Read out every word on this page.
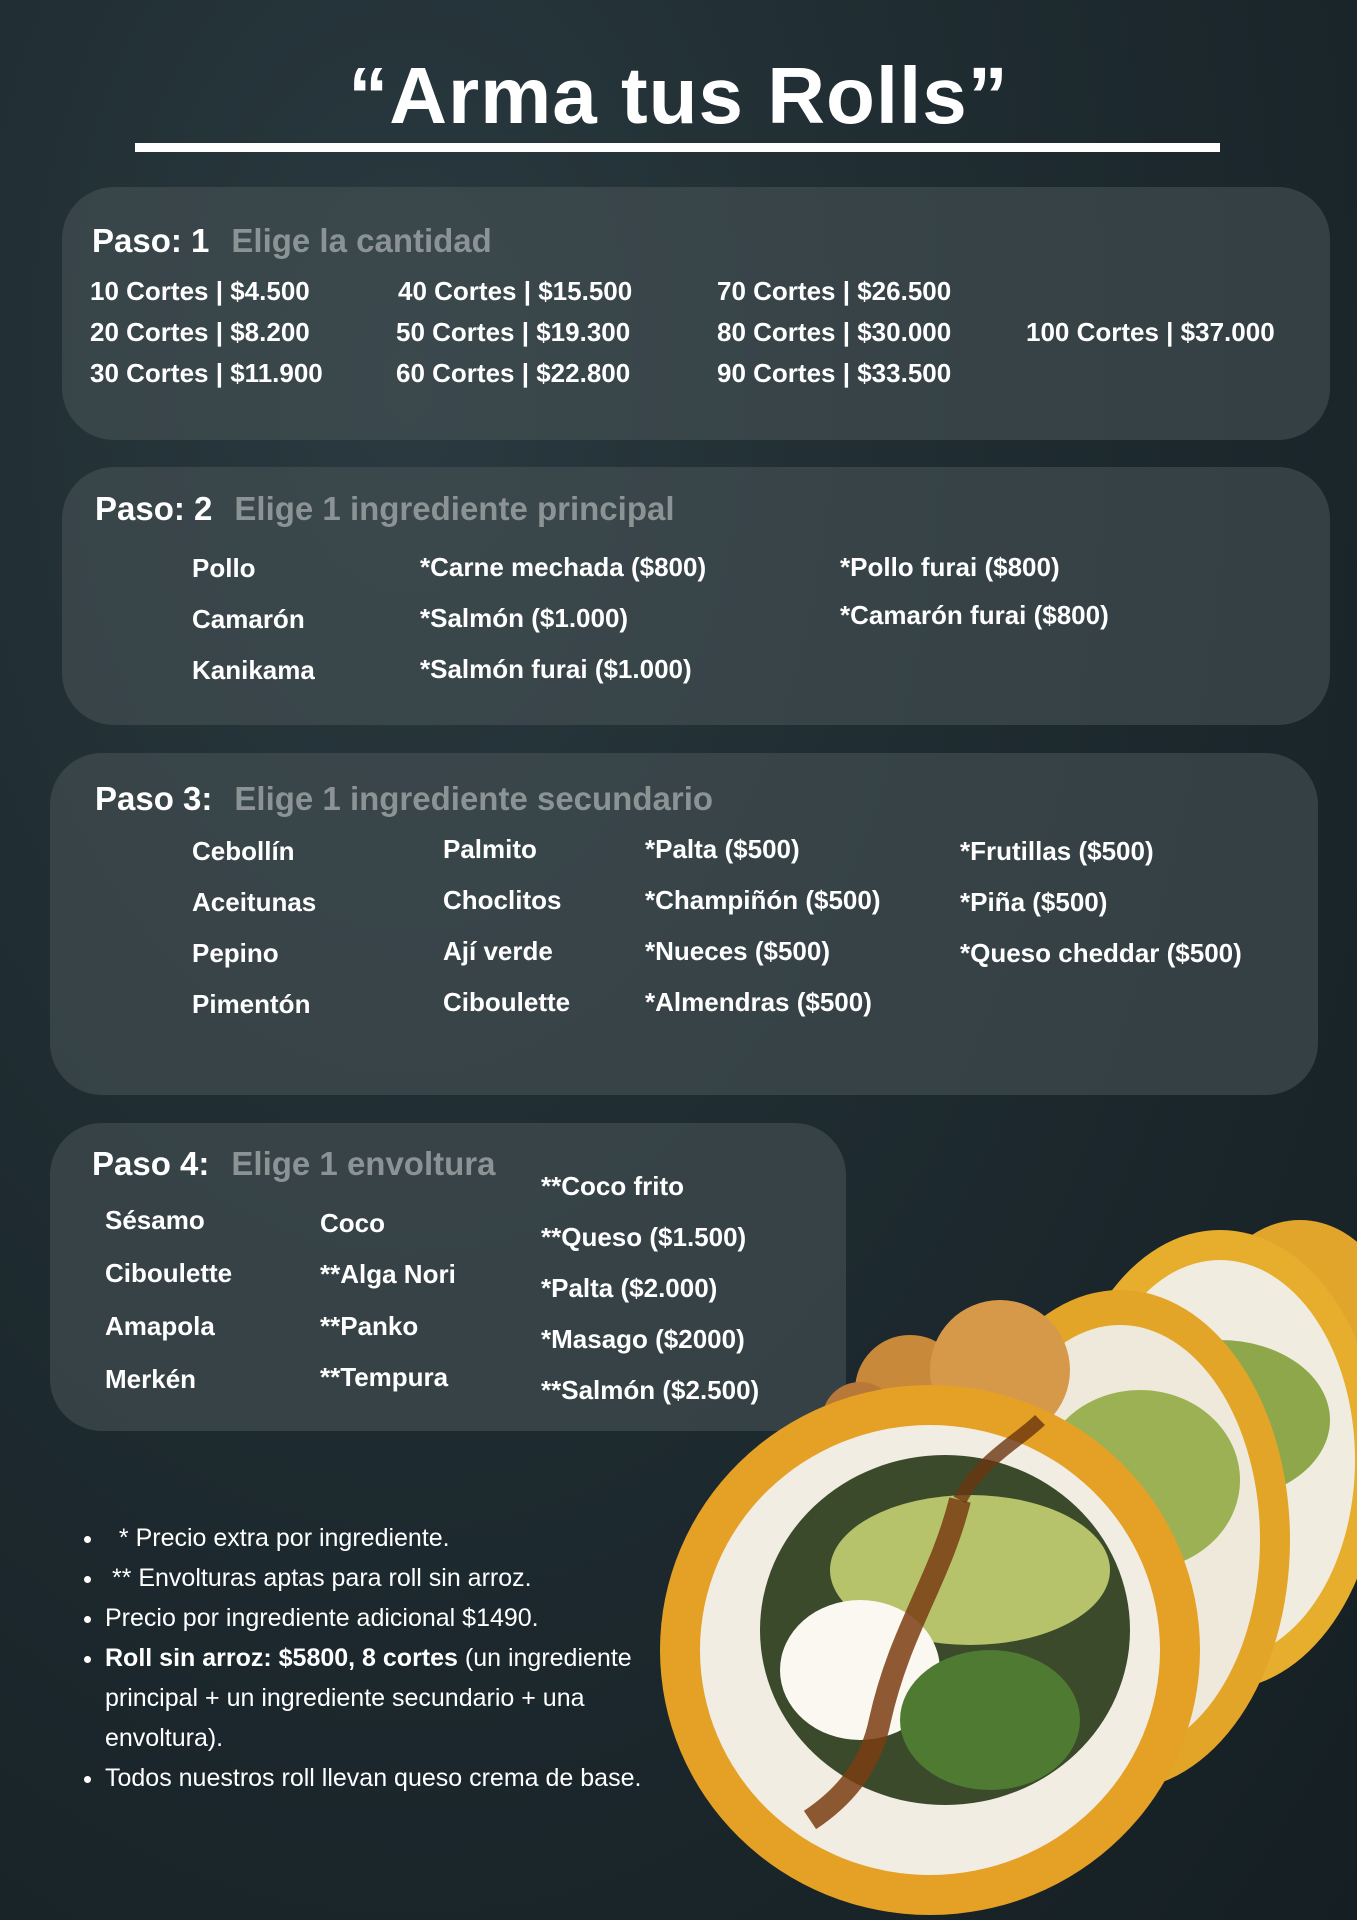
“Arma tus Rolls”
Paso: 1 Elige la cantidad
10 Cortes | $4.500
20 Cortes | $8.200
30 Cortes | $11.900
40 Cortes | $15.500
50 Cortes | $19.300
60 Cortes | $22.800
70 Cortes | $26.500
80 Cortes | $30.000
90 Cortes | $33.500
100 Cortes | $37.000
Paso: 2 Elige 1 ingrediente principal
Pollo
Camarón
Kanikama
*Carne mechada ($800)
*Salmón ($1.000)
*Salmón furai ($1.000)
*Pollo furai ($800)
*Camarón furai ($800)
Paso 3: Elige 1 ingrediente secundario
Cebollín
Aceitunas
Pepino
Pimentón
Palmito
Choclitos
Ají verde
Ciboulette
*Palta ($500)
*Champiñón ($500)
*Nueces ($500)
*Almendras ($500)
*Frutillas ($500)
*Piña ($500)
*Queso cheddar ($500)
Paso 4: Elige 1 envoltura
Sésamo
Ciboulette
Amapola
Merkén
Coco
**Alga Nori
**Panko
**Tempura
**Coco frito
**Queso ($1.500)
*Palta ($2.000)
*Masago ($2000)
**Salmón ($2.500)
•   * Precio extra por ingrediente.
•  ** Envolturas aptas para roll sin arroz.
• Precio por ingrediente adicional $1490.
• Roll sin arroz: $5800, 8 cortes (un ingrediente principal + un ingrediente secundario + una envoltura).
• Todos nuestros roll llevan queso crema de base.
